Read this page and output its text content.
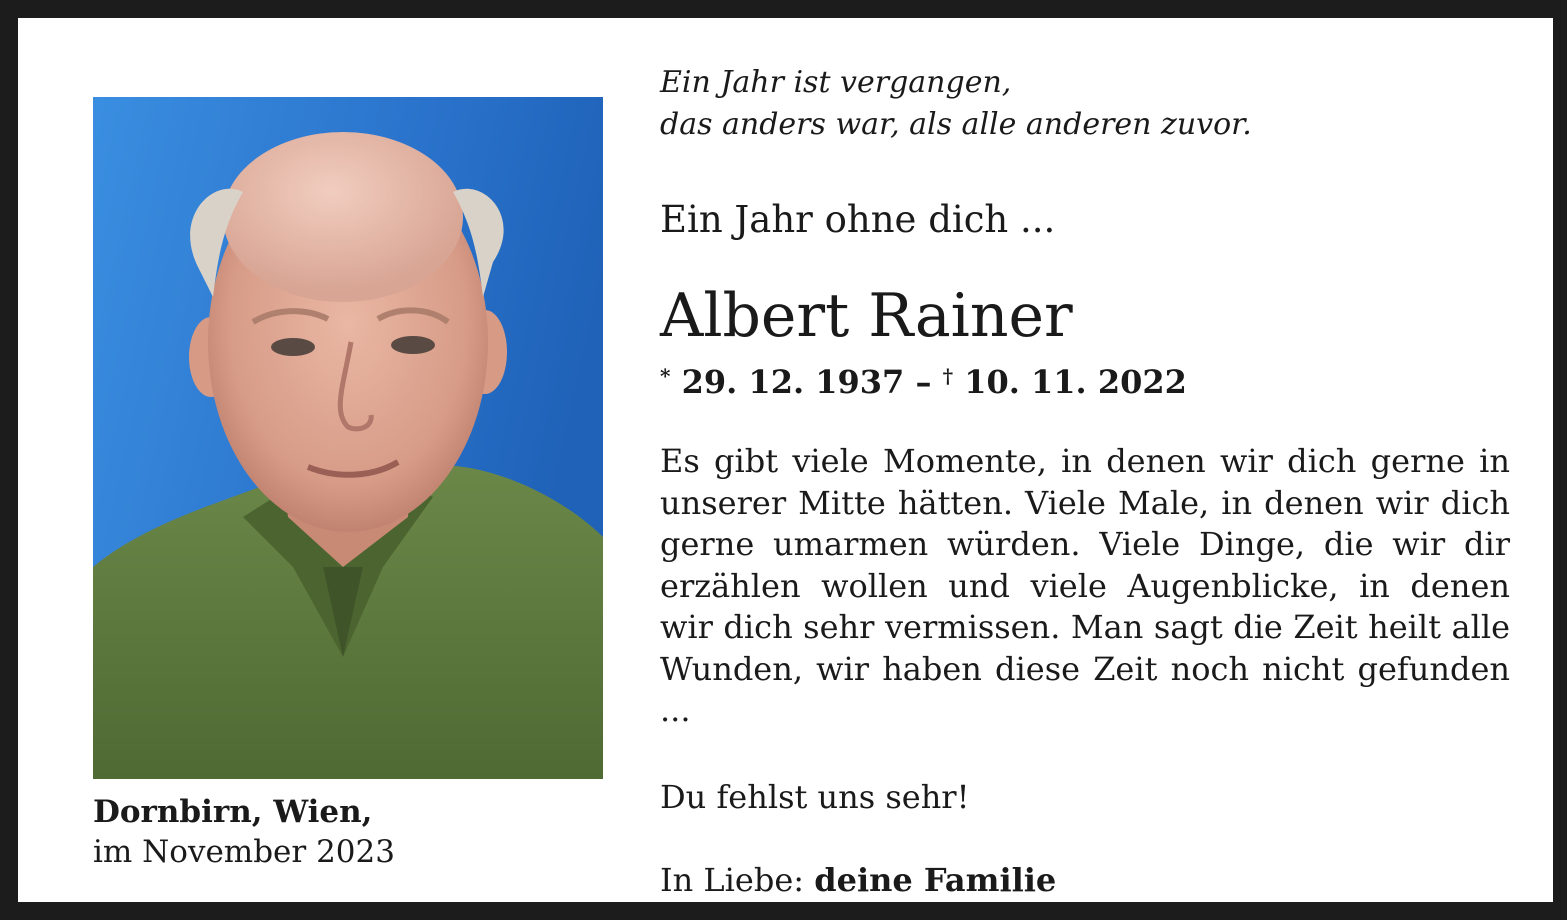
Ein Jahr ist vergangen,
das anders war, als alle anderen zuvor.
Ein Jahr ohne dich ...
Albert Rainer
* 29. 12. 1937 – † 10. 11. 2022
Es gibt viele Momente, in denen wir dich gerne in unserer Mitte hätten. Viele Male, in denen wir dich gerne umarmen würden. Viele Dinge, die wir dir erzählen wollen und viele Augenblicke, in denen wir dich sehr vermissen. Man sagt die Zeit heilt alle Wunden, wir haben diese Zeit noch nicht gefunden ...
Du fehlst uns sehr!
In Liebe: deine Familie
Dornbirn, Wien,
im November 2023
